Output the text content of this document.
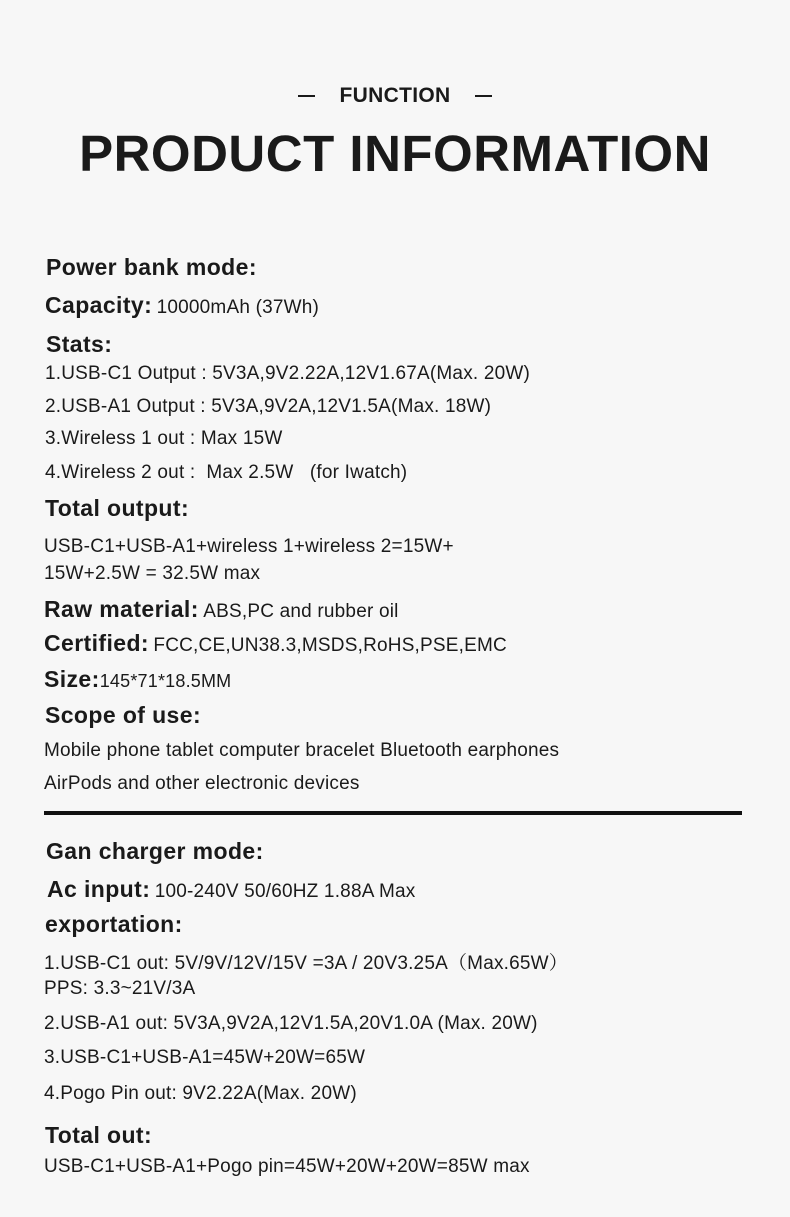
FUNCTION
PRODUCT INFORMATION
Power bank mode:
Capacity: 10000mAh (37Wh)
Stats:
1.USB-C1 Output : 5V3A,9V2.22A,12V1.67A(Max. 20W)
2.USB-A1 Output : 5V3A,9V2A,12V1.5A(Max. 18W)
3.Wireless 1 out : Max 15W
4.Wireless 2 out :  Max 2.5W   (for Iwatch)
Total output:
USB-C1+USB-A1+wireless 1+wireless 2=15W+
15W+2.5W = 32.5W max
Raw material: ABS,PC and rubber oil
Certified: FCC,CE,UN38.3,MSDS,RoHS,PSE,EMC
Size:145*71*18.5MM
Scope of use:
Mobile phone tablet computer bracelet Bluetooth earphones
AirPods and other electronic devices
Gan charger mode:
Ac input: 100-240V 50/60HZ 1.88A Max
exportation:
1.USB-C1 out: 5V/9V/12V/15V =3A / 20V3.25A（Max.65W）
PPS: 3.3~21V/3A
2.USB-A1 out: 5V3A,9V2A,12V1.5A,20V1.0A (Max. 20W)
3.USB-C1+USB-A1=45W+20W=65W
4.Pogo Pin out: 9V2.22A(Max. 20W)
Total out:
USB-C1+USB-A1+Pogo pin=45W+20W+20W=85W max
